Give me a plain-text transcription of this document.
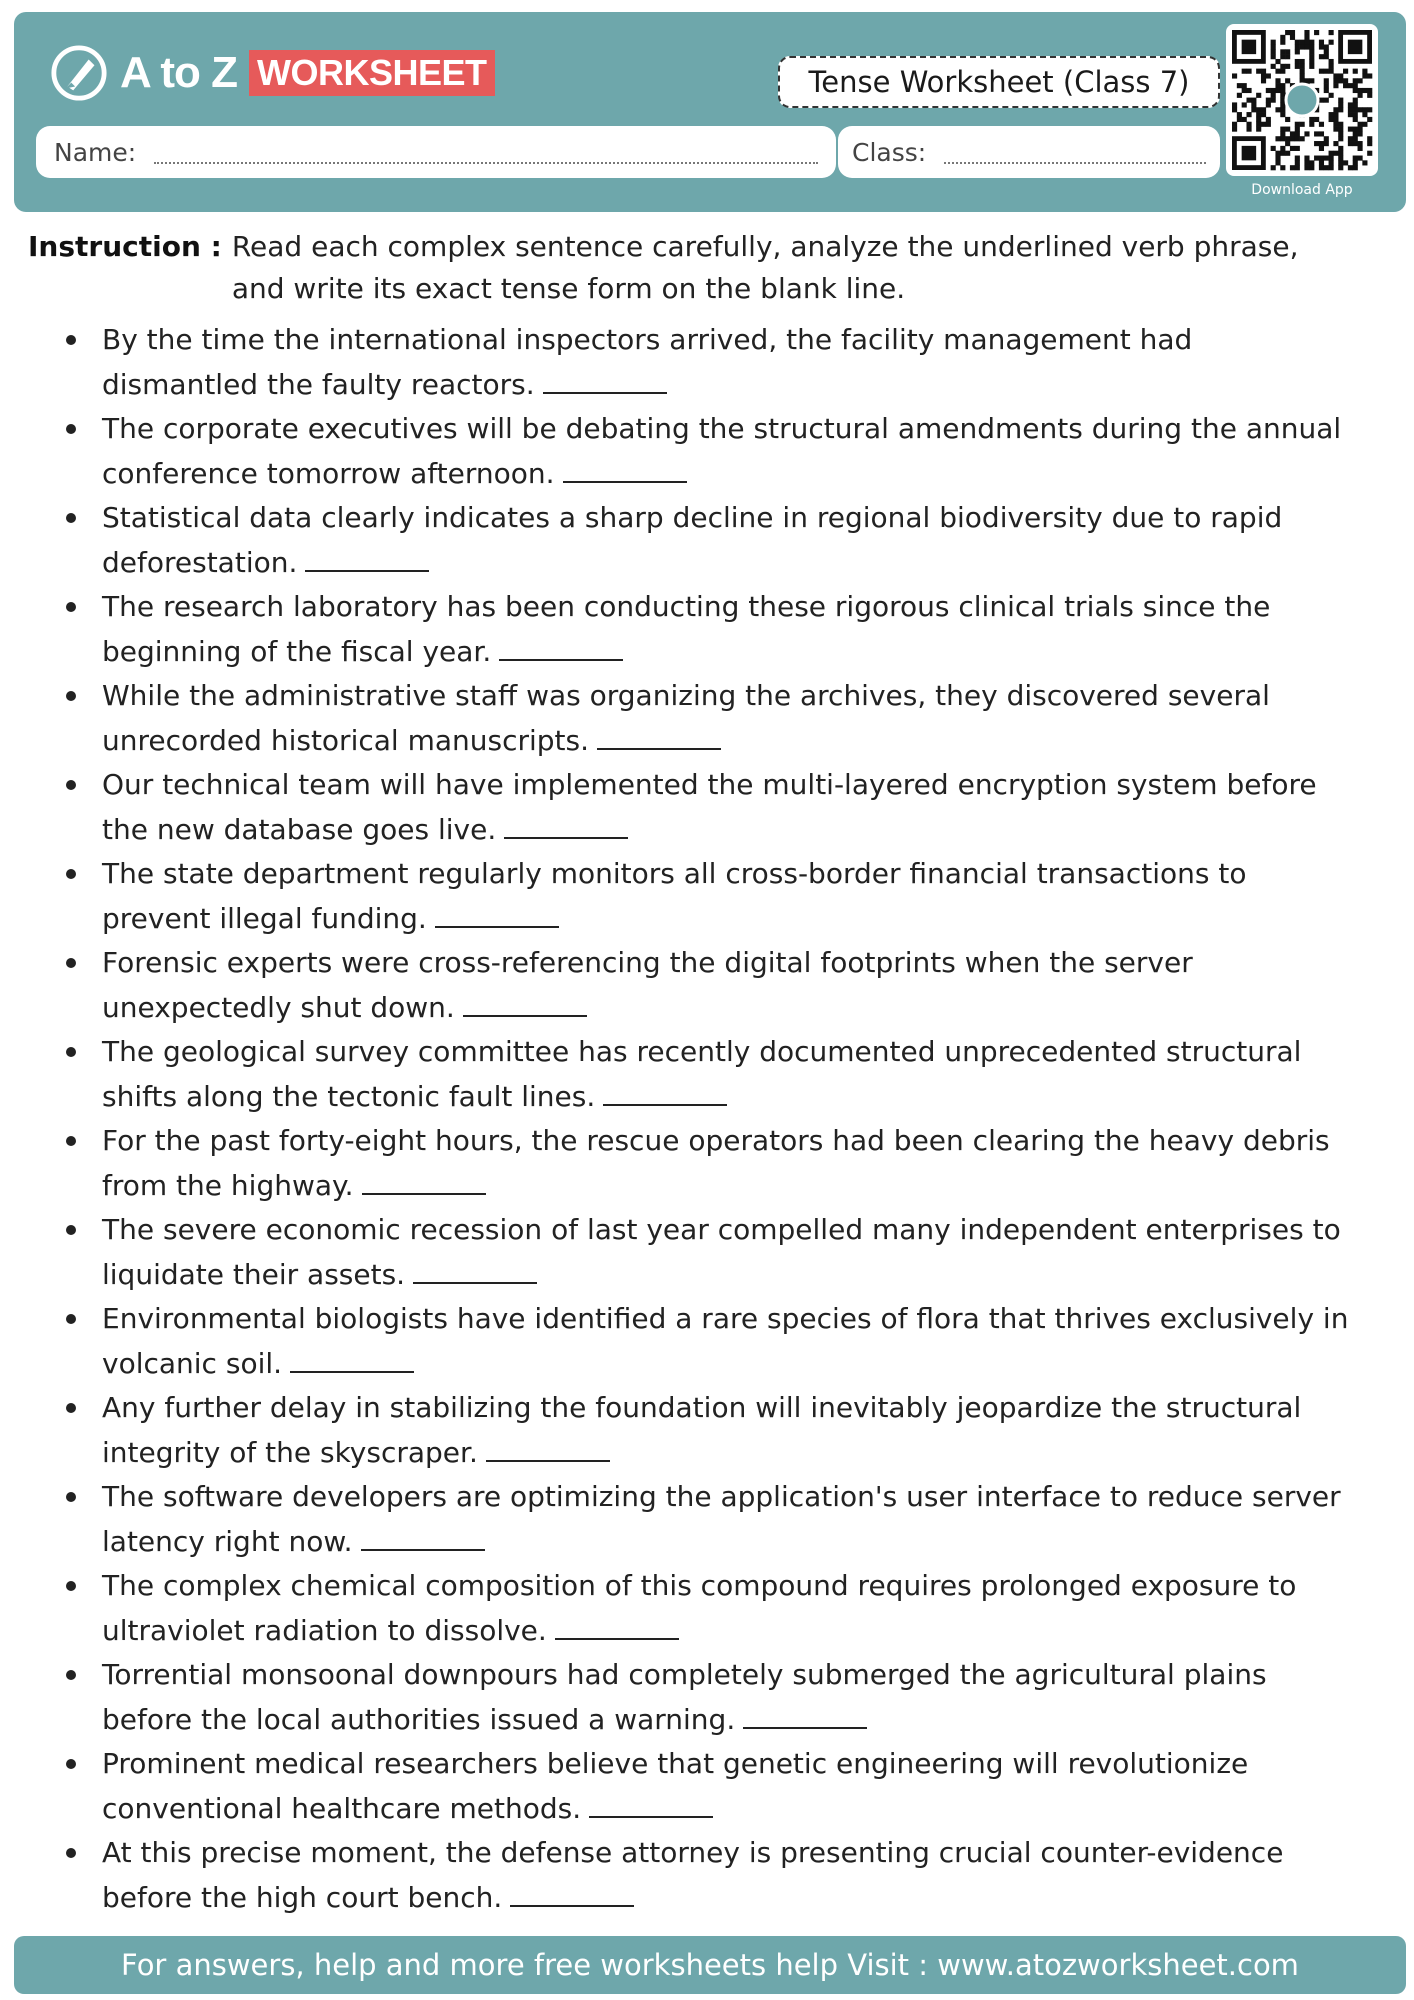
A to Z WORKSHEET	Tense Worksheet (Class 7)
Name:	Class:
Download App
Instruction : Read each complex sentence carefully, analyze the underlined verb phrase, and write its exact tense form on the blank line.
By the time the international inspectors arrived, the facility management had dismantled the faulty reactors.
The corporate executives will be debating the structural amendments during the annual conference tomorrow afternoon.
Statistical data clearly indicates a sharp decline in regional biodiversity due to rapid deforestation.
The research laboratory has been conducting these rigorous clinical trials since the beginning of the fiscal year.
While the administrative staff was organizing the archives, they discovered several unrecorded historical manuscripts.
Our technical team will have implemented the multi-layered encryption system before the new database goes live.
The state department regularly monitors all cross-border financial transactions to prevent illegal funding.
Forensic experts were cross-referencing the digital footprints when the server unexpectedly shut down.
The geological survey committee has recently documented unprecedented structural shifts along the tectonic fault lines.
For the past forty-eight hours, the rescue operators had been clearing the heavy debris from the highway.
The severe economic recession of last year compelled many independent enterprises to liquidate their assets.
Environmental biologists have identified a rare species of flora that thrives exclusively in volcanic soil.
Any further delay in stabilizing the foundation will inevitably jeopardize the structural integrity of the skyscraper.
The software developers are optimizing the application's user interface to reduce server latency right now.
The complex chemical composition of this compound requires prolonged exposure to ultraviolet radiation to dissolve.
Torrential monsoonal downpours had completely submerged the agricultural plains before the local authorities issued a warning.
Prominent medical researchers believe that genetic engineering will revolutionize conventional healthcare methods.
At this precise moment, the defense attorney is presenting crucial counter-evidence before the high court bench.
For answers, help and more free worksheets help Visit : www.atozworksheet.com
